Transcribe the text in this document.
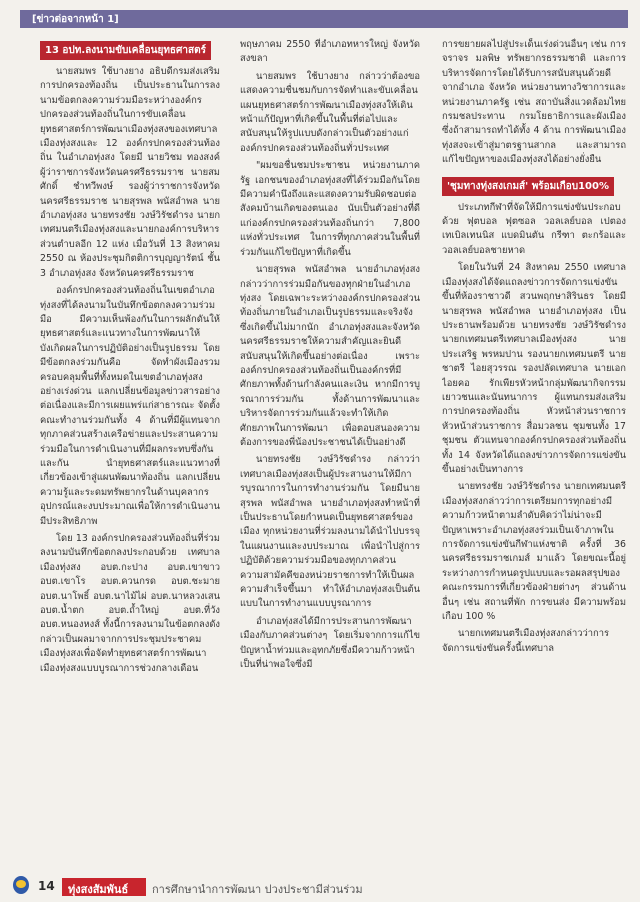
[ข่าวต่อจากหน้า 1]
13 อปท.ลงนามขับเคลื่อนยุทธศาสตร์

นายสมพร ใช้บางยาง อธิบดีกรมส่งเสริมการปกครองท้องถิ่น เป็นประธานในการลงนามข้อตกลงความร่วมมือระหว่างองค์กรปกครองส่วนท้องถิ่นในการขับเคลื่อนยุทธศาสตร์การพัฒนาเมืองทุ่งสงของเทศบาลเมืองทุ่งสงและ 12 องค์กรปกครองส่วนท้องถิ่น ในอำเภอทุ่งสง โดยมี นายวิชม ทองสงค์ ผู้ว่าราชการจังหวัดนครศรีธรรมราช นายสมศักดิ์ ชำทวีพงษ์ รองผู้ว่าราชการจังหวัดนครศรีธรรมราช นายสุรพล พนัสอำพล นายอำเภอทุ่งสง นายทรงชัย วงษ์วิรัชดำรง นายกเทศมนตรีเมืองทุ่งสงและนายกองค์การบริหารส่วนตำบลอีก 12 แห่ง เมื่อวันที่ 13 สิงหาคม 2550 ณ ห้องประชุมกิตติการบุญญารัตน์ ชั้น 3 อำเภอทุ่งสง จังหวัดนครศรีธรรมราช

องค์กรปกครองส่วนท้องถิ่นในเขตอำเภอทุ่งสงที่ได้ลงนามในบันทึกข้อตกลงความร่วมมือ มีความเห็นพ้องกันในการผลักดันให้ยุทธศาสตร์และแนวทางในการพัฒนาให้บังเกิดผลในการปฏิบัติอย่างเป็นรูปธรรม โดยมีข้อตกลงร่วมกันคือ จัดทำผังเมืองรวมครอบคลุมพื้นที่ทั้งหมดในเขตอำเภอทุ่งสงอย่างเร่งด่วน แลกเปลี่ยนข้อมูลข่าวสารอย่างต่อเนื่องและมีการเผยแพร่แก่สาธารณะ จัดตั้งคณะทำงานร่วมกันทั้ง 4 ด้านที่มีผู้แทนจากทุกภาคส่วนสร้างเครือข่ายและประสานความร่วมมือในการดำเนินงานที่มีผลกระทบซึ่งกันและกัน นำยุทธศาสตร์และแนวทางที่เกี่ยวข้องเข้าสู่แผนพัฒนาท้องถิ่น แลกเปลี่ยนความรู้และระดมทรัพยากรในด้านบุคลากร อุปกรณ์และงบประมาณเพื่อให้การดำเนินงานมีประสิทธิภาพ

โดย 13 องค์กรปกครองส่วนท้องถิ่นที่ร่วมลงนามบันทึกข้อตกลงประกอบด้วย เทศบาลเมืองทุ่งสง อบต.กะปาง อบต.เขาขาว อบต.เขาโร อบต.ควนกรด อบต.ชะมาย อบต.นาโพธิ์ อบต.นาไม้ไผ่ อบต.นาหลวงเสน อบต.น้ำตก อบต.ถ้ำใหญ่ อบต.ที่วัง อบต.หนองหงส์ ทั้งนี้การลงนามในข้อตกลงดังกล่าวเป็นผลมาจากการประชุมประชาคมเมืองทุ่งสงเพื่อจัดทำยุทธศาสตร์การพัฒนาเมืองทุ่งสงแบบบูรณาการช่วงกลางเดือน

พฤษภาคม 2550 ที่อำเภอทหารใหญ่ จังหวัดสงขลา

นายสมพร ใช้บางยาง กล่าวว่าต้องขอแสดงความชื่นชมกับการจัดทำและขับเคลื่อนแผนยุทธศาสตร์การพัฒนาเมืองทุ่งสงให้เดินหน้าแก้ปัญหาที่เกิดขึ้นในพื้นที่ต่อไปและสนับสนุนให้รูปแบบดังกล่าวเป็นตัวอย่างแก่องค์กรปกครองส่วนท้องถิ่นทั่วประเทศ

"ผมขอชื่นชมประชาชน หน่วยงานภาครัฐ เอกชนของอำเภอทุ่งสงที่ได้ร่วมมือกันโดยมีความคำนึงถึงและแสดงความรับผิดชอบต่อสังคมบ้านเกิดของตนเอง นับเป็นตัวอย่างที่ดีแก่องค์กรปกครองส่วนท้องถิ่นกว่า 7,800 แห่งทั่วประเทศ ในการที่ทุกภาคส่วนในพื้นที่ร่วมกันแก้ไขปัญหาที่เกิดขึ้น

นายสุรพล พนัสอำพล นายอำเภอทุ่งสงกล่าวว่าการร่วมมือกันของทุกฝ่ายในอำเภอทุ่งสง โดยเฉพาะระหว่างองค์กรปกครองส่วนท้องถิ่นภายในอำเภอเป็นรูปธรรมและจริงจังซึ่งเกิดขึ้นไม่มากนัก อำเภอทุ่งสงและจังหวัดนครศรีธรรมราชให้ความสำคัญและยินดีสนับสนุนให้เกิดขึ้นอย่างต่อเนื่อง เพราะองค์กรปกครองส่วนท้องถิ่นเป็นองค์กรที่มีศักยภาพทั้งด้านกำลังคนและเงิน หากมีการบูรณาการร่วมกัน ทั้งด้านการพัฒนาและบริหารจัดการร่วมกันแล้วจะทำให้เกิดศักยภาพในการพัฒนา เพื่อตอบสนองความต้องการของพี่น้องประชาชนได้เป็นอย่างดี

นายทรงชัย วงษ์วิรัชดำรง กล่าวว่าเทศบาลเมืองทุ่งสงเป็นผู้ประสานงานให้มีการบูรณาการในการทำงานร่วมกัน โดยมีนายสุรพล พนัสอำพล นายอำเภอทุ่งสงทำหน้าที่เป็นประธานโดยกำหนดเป็นยุทธศาสตร์ของเมือง ทุกหน่วยงานที่ร่วมลงนามได้นำไปบรรจุในแผนงานและงบประมาณ เพื่อนำไปสู่การปฏิบัติด้วยความร่วมมือของทุกภาคส่วน ความสามัคคีของหน่วยราชการทำให้เป็นผลความสำเร็จขึ้นมา ทำให้อำเภอทุ่งสงเป็นต้นแบบในการทำงานแบบบูรณาการ

อำเภอทุ่งสงได้มีการประสานการพัฒนาเมืองกับภาคส่วนต่างๆ โดยเริ่มจากการแก้ไขปัญหาน้ำท่วมและอุทกภัยซึ่งมีความก้าวหน้าเป็นที่น่าพอใจซึ่งมี

การขยายผลไปสู่ประเด็นเร่งด่วนอื่นๆ เช่น การจราจร มลพิษ ทรัพยากรธรรมชาติ และการบริหารจัดการโดยได้รับการสนับสนุนด้วยดีจากอำเภอ จังหวัด หน่วยงานทางวิชาการและหน่วยงานภาครัฐ เช่น สถาบันสิ่งแวดล้อมไทย กรมชลประทาน กรมโยธาธิการและผังเมือง ซึ่งถ้าสามารถทำได้ทั้ง 4 ด้าน การพัฒนาเมืองทุ่งสงจะเข้าสู่มาตรฐานสากล และสามารถแก้ไขปัญหาของเมืองทุ่งสงได้อย่างยั่งยืน

'ชุมทางทุ่งสงเกมส์' พร้อมเกือบ100%

ประเภทกีฬาที่จัดให้มีการแข่งขันประกอบด้วย ฟุตบอล ฟุตซอล วอลเลย์บอล เปตอง เทเบิลเทนนิส แบดมินตัน กรีฑา ตะกร้อและวอลเลย์บอลชายหาด

โดยในวันที่ 24 สิงหาคม 2550 เทศบาลเมืองทุ่งสงได้จัดแถลงข่าวการจัดการแข่งขันขึ้นที่ห้องราชาวดี สวนพฤกษาสิรินธร โดยมี นายสุรพล พนัสอำพล นายอำเภอทุ่งสง เป็นประธานพร้อมด้วย นายทรงชัย วงษ์วิรัชดำรง นายกเทศมนตรีเทศบาลเมืองทุ่งสง นายประเสริฐ พรหมปาน รองนายกเทศมนตรี นายชาตรี ไอยสุวรรณ รองปลัดเทศบาล นายเอกไอยคอ รักเพียรหัวหน้ากลุ่มพัฒนากิจกรรมเยาวชนและนันทนาการ ผู้แทนกรมส่งเสริมการปกครองท้องถิ่น หัวหน้าส่วนราชการ หัวหน้าส่วนราชการ สื่อมวลชน ชุมชนทั้ง 17 ชุมชน ตัวแทนจากองค์กรปกครองส่วนท้องถิ่นทั้ง 14 จังหวัดได้แถลงข่าวการจัดการแข่งขันขึ้นอย่างเป็นทางการ

นายทรงชัย วงษ์วิรัชดำรง นายกเทศมนตรีเมืองทุ่งสงกล่าวว่าการเตรียมการทุกอย่างมีความก้าวหน้าตามลำดับคิดว่าไม่น่าจะมีปัญหาเพราะอำเภอทุ่งสงร่วมเป็นเจ้าภาพในการจัดการแข่งขันกีฬาแห่งชาติ ครั้งที่ 36 นครศรีธรรมราชเกมส์ มาแล้ว โดยขณะนี้อยู่ระหว่างการกำหนดรูปแบบและรอผลสรุปของคณะกรรมการที่เกี่ยวข้องฝ่ายต่างๆ ส่วนด้านอื่นๆ เช่น สถานที่พัก การขนส่ง มีความพร้อมเกือบ 100 %

นายกเทศมนตรีเมืองทุ่งสงกล่าวว่าการจัดการแข่งขันครั้งนี้เทศบาล

14 ทุ่งสงสัมพันธ์ การศึกษานำการพัฒนา ปวงประชามีส่วนร่วม
